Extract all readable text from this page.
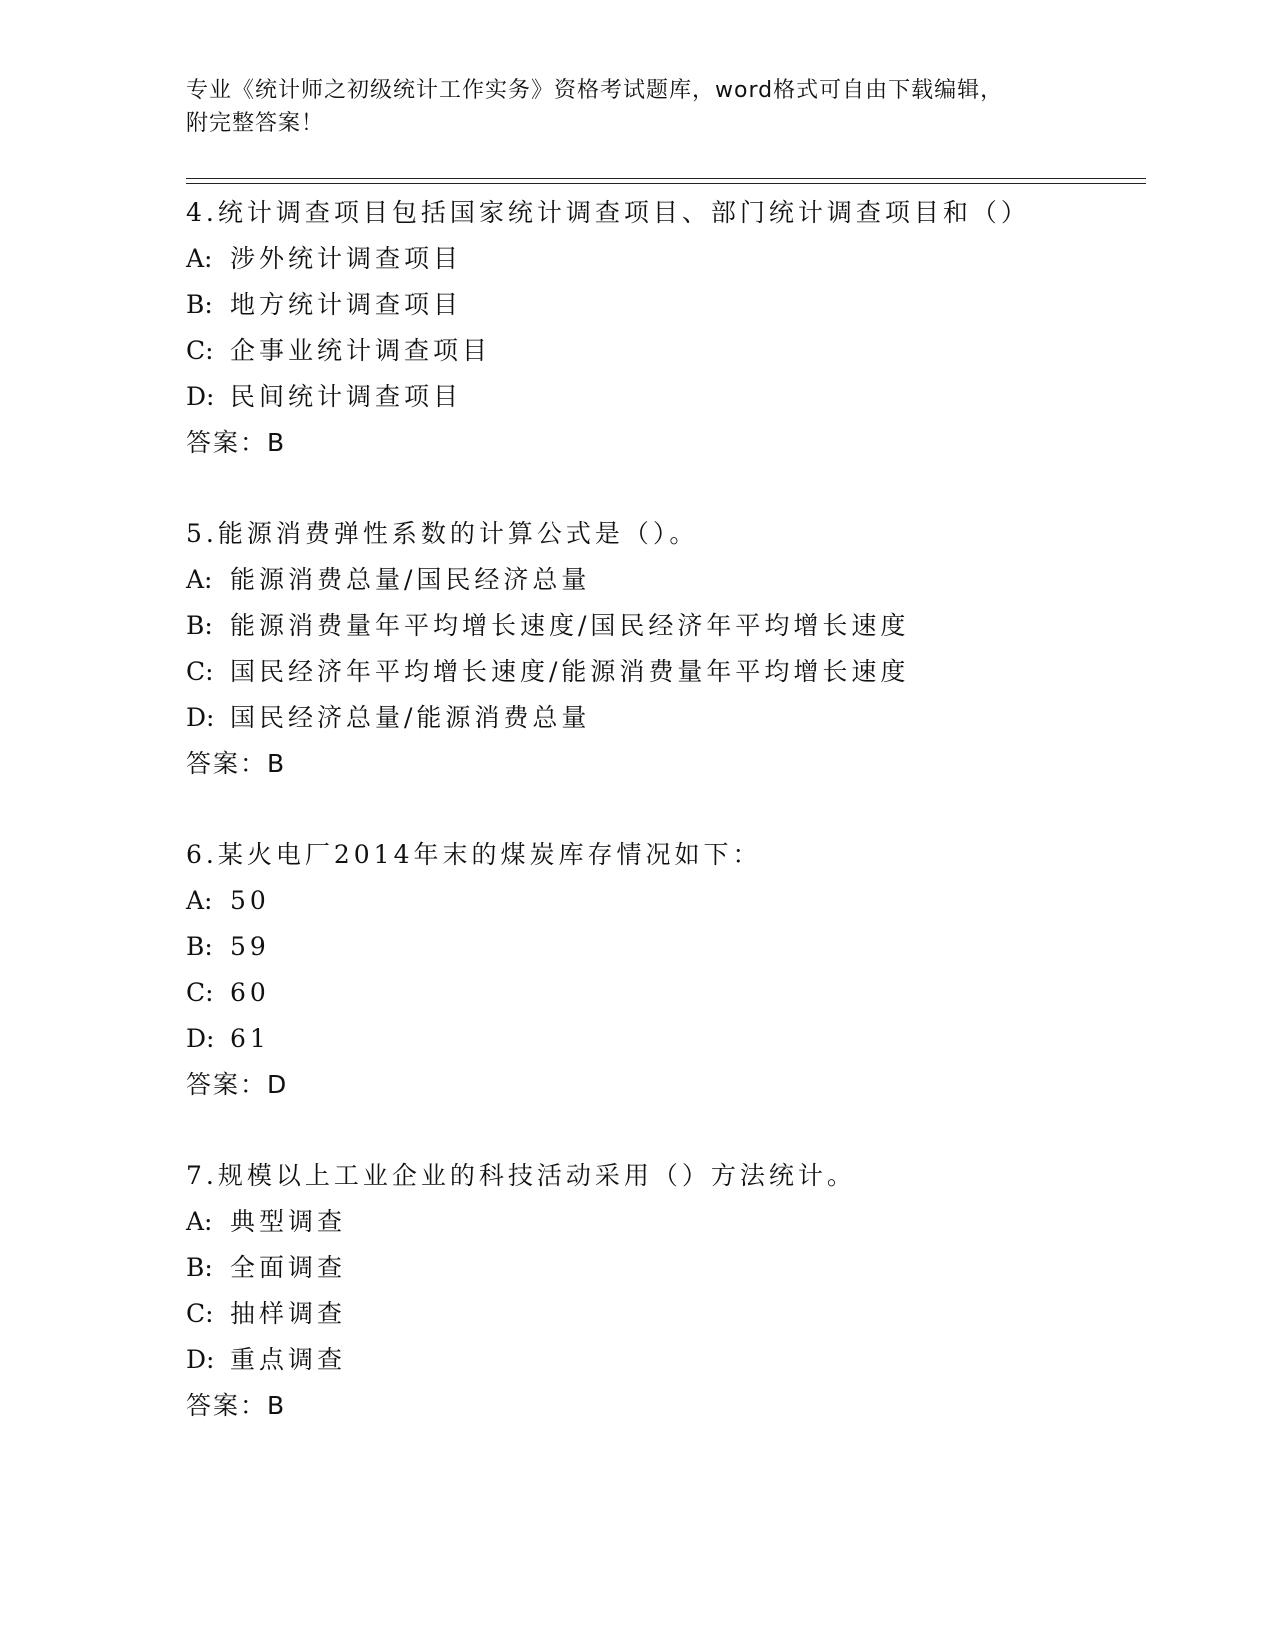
专业《统计师之初级统计工作实务》资格考试题库，word格式可自由下载编辑，
附完整答案！
4.统计调查项目包括国家统计调查项目、部门统计调查项目和（）
A: 涉外统计调查项目
B: 地方统计调查项目
C: 企事业统计调查项目
D: 民间统计调查项目
答案：B
5.能源消费弹性系数的计算公式是（）。
A: 能源消费总量/国民经济总量
B: 能源消费量年平均增长速度/国民经济年平均增长速度
C: 国民经济年平均增长速度/能源消费量年平均增长速度
D: 国民经济总量/能源消费总量
答案：B
6.某火电厂2014年末的煤炭库存情况如下：
A: 50
B: 59
C: 60
D: 61
答案：D
7.规模以上工业企业的科技活动采用（）方法统计。
A: 典型调查
B: 全面调查
C: 抽样调查
D: 重点调查
答案：B
